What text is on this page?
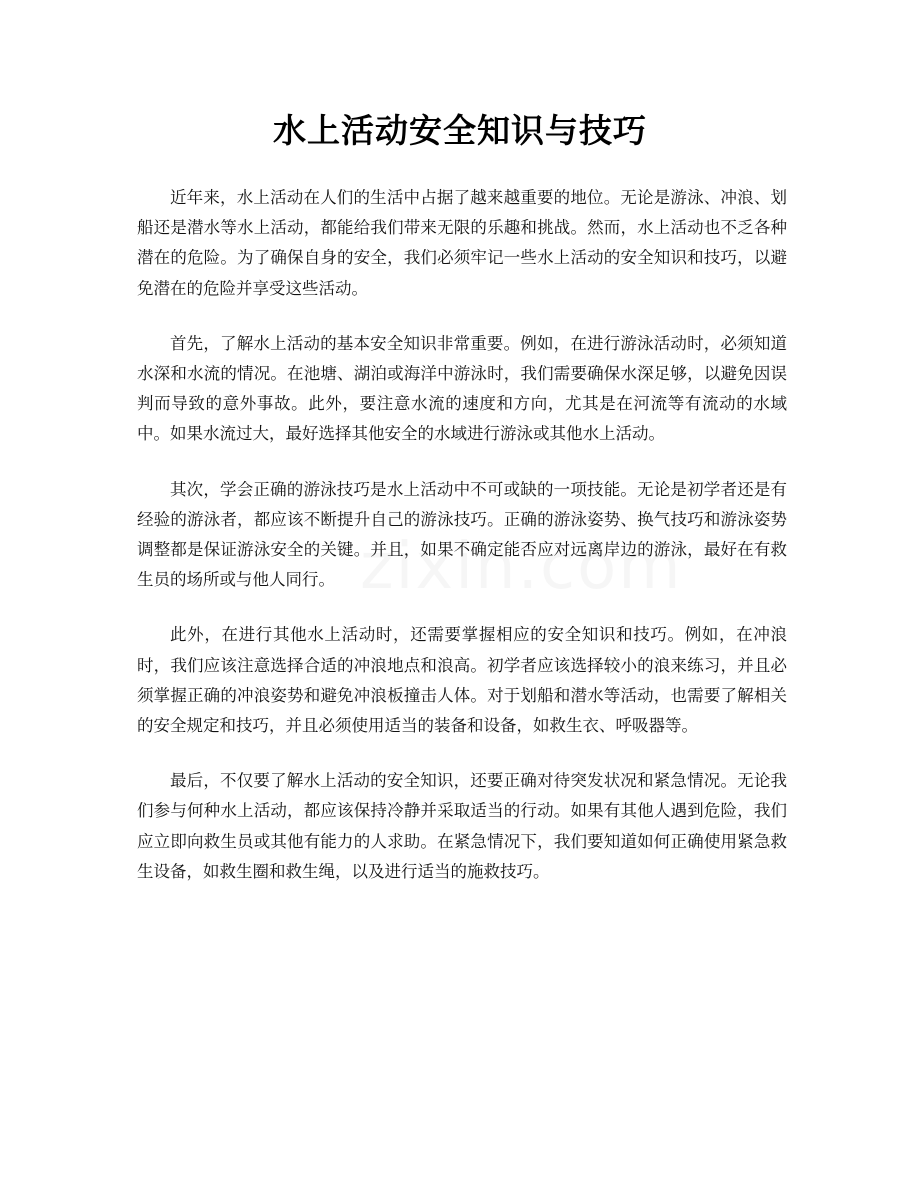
水上活动安全知识与技巧

近年来，水上活动在人们的生活中占据了越来越重要的地位。无论是游泳、冲浪、划船还是潜水等水上活动，都能给我们带来无限的乐趣和挑战。然而，水上活动也不乏各种潜在的危险。为了确保自身的安全，我们必须牢记一些水上活动的安全知识和技巧，以避免潜在的危险并享受这些活动。

首先，了解水上活动的基本安全知识非常重要。例如，在进行游泳活动时，必须知道水深和水流的情况。在池塘、湖泊或海洋中游泳时，我们需要确保水深足够，以避免因误判而导致的意外事故。此外，要注意水流的速度和方向，尤其是在河流等有流动的水域中。如果水流过大，最好选择其他安全的水域进行游泳或其他水上活动。

其次，学会正确的游泳技巧是水上活动中不可或缺的一项技能。无论是初学者还是有经验的游泳者，都应该不断提升自己的游泳技巧。正确的游泳姿势、换气技巧和游泳姿势调整都是保证游泳安全的关键。并且，如果不确定能否应对远离岸边的游泳，最好在有救生员的场所或与他人同行。

此外，在进行其他水上活动时，还需要掌握相应的安全知识和技巧。例如，在冲浪时，我们应该注意选择合适的冲浪地点和浪高。初学者应该选择较小的浪来练习，并且必须掌握正确的冲浪姿势和避免冲浪板撞击人体。对于划船和潜水等活动，也需要了解相关的安全规定和技巧，并且必须使用适当的装备和设备，如救生衣、呼吸器等。

最后，不仅要了解水上活动的安全知识，还要正确对待突发状况和紧急情况。无论我们参与何种水上活动，都应该保持冷静并采取适当的行动。如果有其他人遇到危险，我们应立即向救生员或其他有能力的人求助。在紧急情况下，我们要知道如何正确使用紧急救生设备，如救生圈和救生绳，以及进行适当的施救技巧。
